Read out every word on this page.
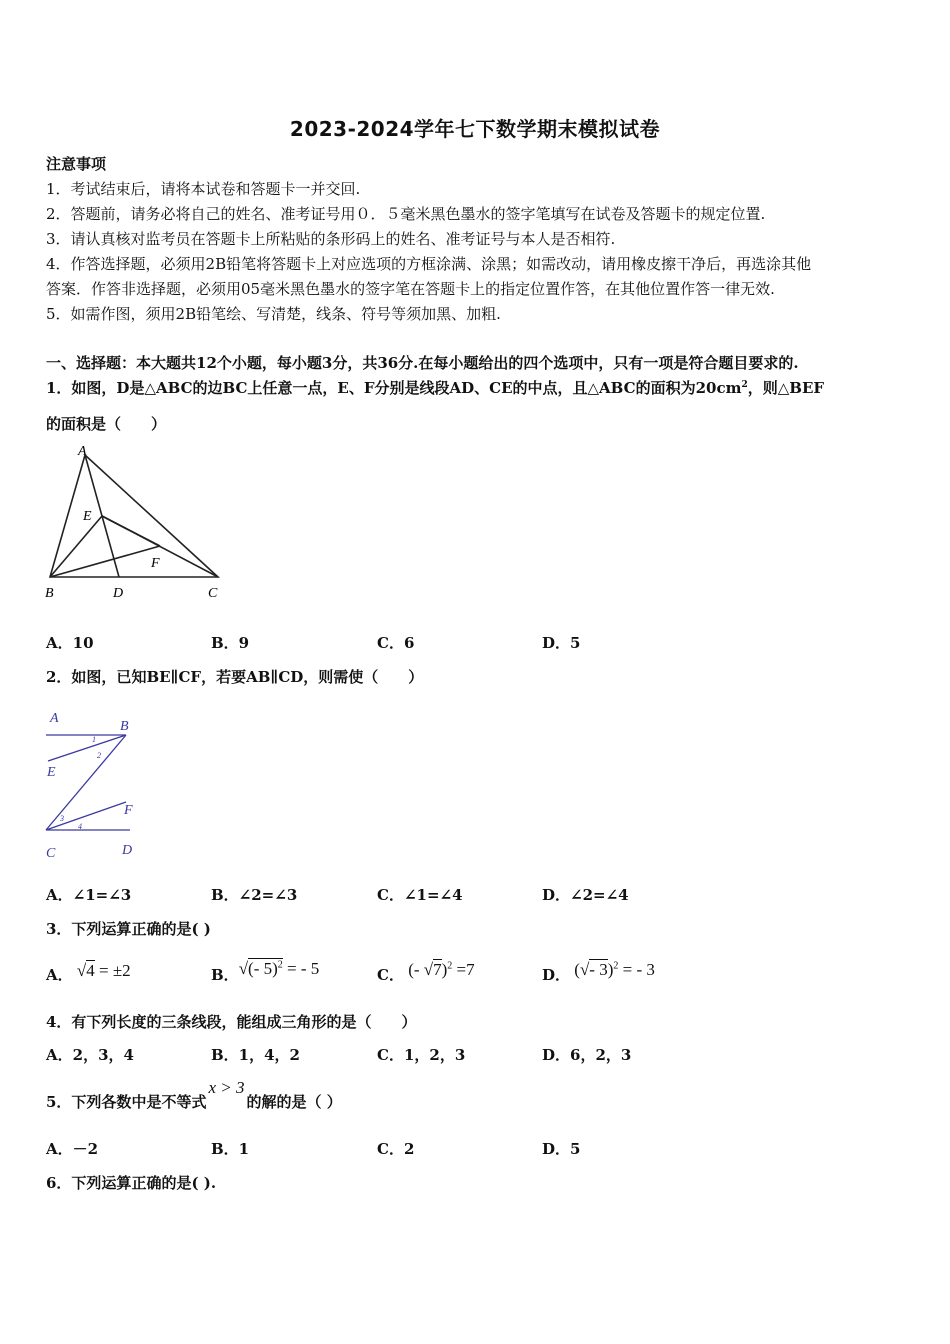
2023-2024学年七下数学期末模拟试卷
注意事项
1．考试结束后，请将本试卷和答题卡一并交回.
2．答题前，请务必将自己的姓名、准考证号用０．５毫米黑色墨水的签字笔填写在试卷及答题卡的规定位置.
3．请认真核对监考员在答题卡上所粘贴的条形码上的姓名、准考证号与本人是否相符.
4．作答选择题，必须用2B铅笔将答题卡上对应选项的方框涂满、涂黑；如需改动，请用橡皮擦干净后，再选涂其他
答案．作答非选择题，必须用05毫米黑色墨水的签字笔在答题卡上的指定位置作答，在其他位置作答一律无效.
5．如需作图，须用2B铅笔绘、写清楚，线条、符号等须加黑、加粗.
一、选择题：本大题共12个小题，每小题3分，共36分.在每小题给出的四个选项中，只有一项是符合题目要求的.
1．如图，D是△ABC的边BC上任意一点，E、F分别是线段AD、CE的中点，且△ABC的面积为$20cm^2$，则△BEF
的面积是（　　）
A
E
F
B	D	C
A．10	B．9	C．6	D．5
2．如图，已知BE∥CF，若要AB∥CD，则需使（　　）
A
B
E
F
C	D
1
2
3
4
A．∠1=∠3	B．∠2=∠3	C．∠1=∠4	D．∠2=∠4
3．下列运算正确的是( )
A． √4 = ±2	B．√(- 5)$^2$ = - 5	C． (- √7)$^2$ =7	D． (√- 3)$^2$ = - 3
4．有下列长度的三条线段，能组成三角形的是（　　）
A．2，3，4	B．1，4，2	C．1，2，3	D．6，2，3
5．下列各数中是不等式x > 3的解的是（ ）
A．－2	B．1	C．2	D．5
6．下列运算正确的是( ).
